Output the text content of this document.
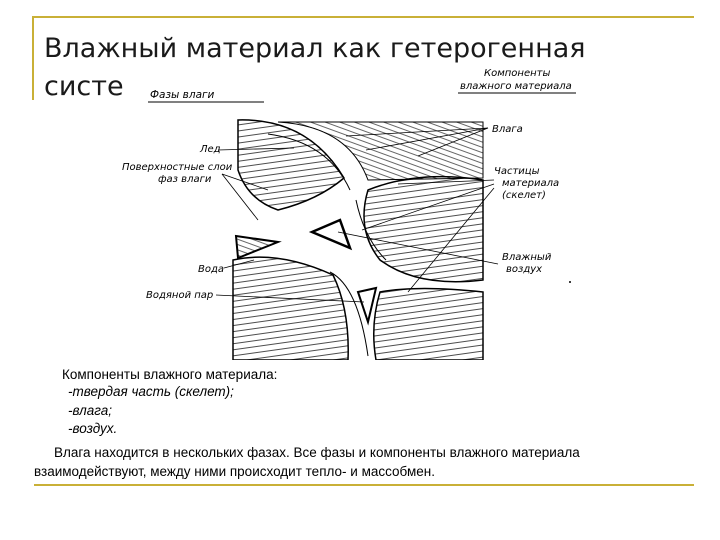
Влажный материал как гетерогенная систе	Фазы влаги
Компоненты
влажного материала
Лед
Поверхностные слои
фаз влаги
Влага
Частицы
материала
(скелет)
Вода
Влажный
воздух
Водяной пар
Компоненты влажного материала:
-твердая часть (скелет);
-влага;
-воздух.
Влага находится в нескольких фазах. Все фазы и компоненты влажного материала взаимодействуют, между ними происходит тепло- и массобмен.
